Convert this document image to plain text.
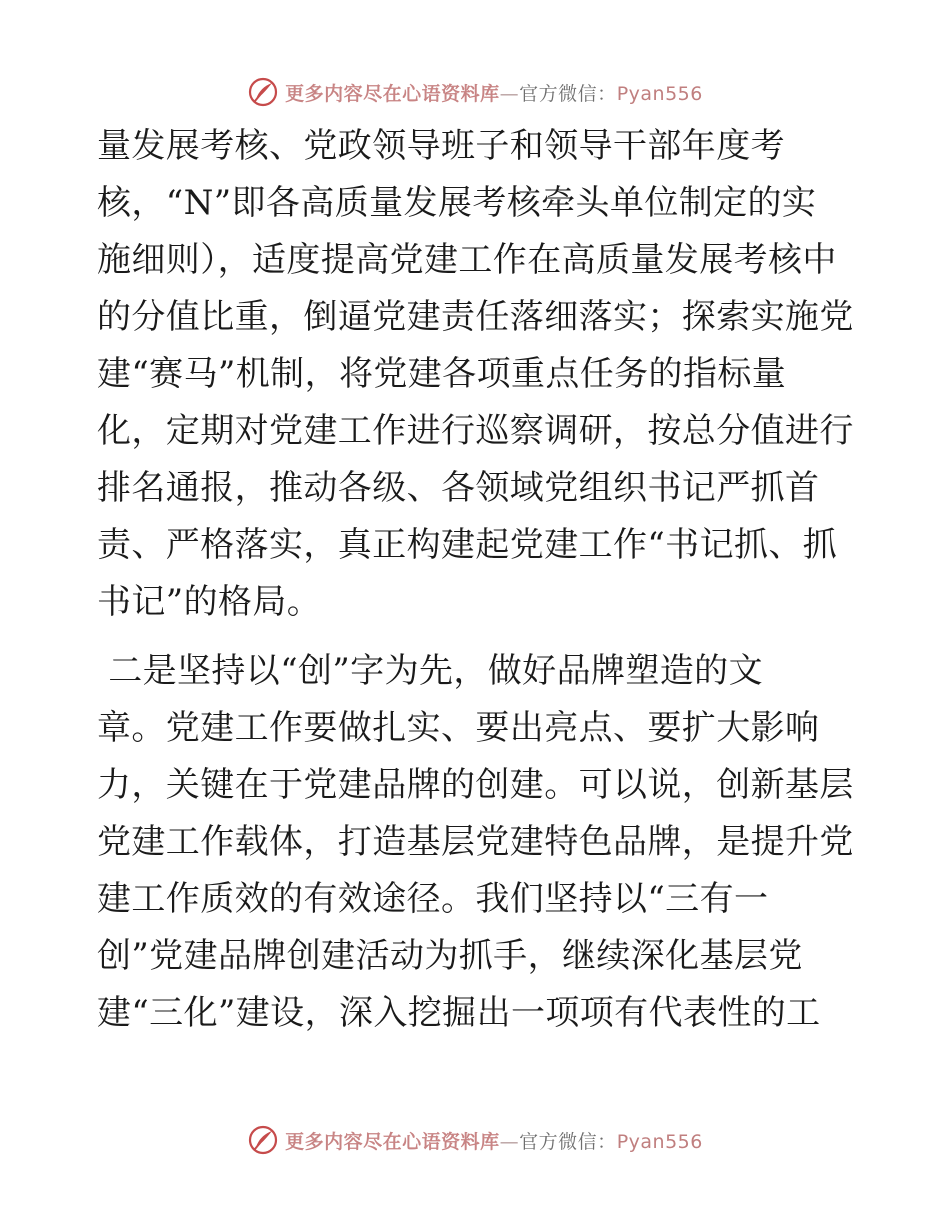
更多内容尽在心语资料库—官方微信：Pyan556
量发展考核、党政领导班子和领导干部年度考
核，“N”即各高质量发展考核牵头单位制定的实
施细则），适度提高党建工作在高质量发展考核中
的分值比重，倒逼党建责任落细落实；探索实施党
建“赛马”机制，将党建各项重点任务的指标量
化，定期对党建工作进行巡察调研，按总分值进行
排名通报，推动各级、各领域党组织书记严抓首
责、严格落实，真正构建起党建工作“书记抓、抓
书记”的格局。
二是坚持以“创”字为先，做好品牌塑造的文
章。党建工作要做扎实、要出亮点、要扩大影响
力，关键在于党建品牌的创建。可以说，创新基层
党建工作载体，打造基层党建特色品牌，是提升党
建工作质效的有效途径。我们坚持以“三有一
创”党建品牌创建活动为抓手，继续深化基层党
建“三化”建设，深入挖掘出一项项有代表性的工
更多内容尽在心语资料库—官方微信：Pyan556
